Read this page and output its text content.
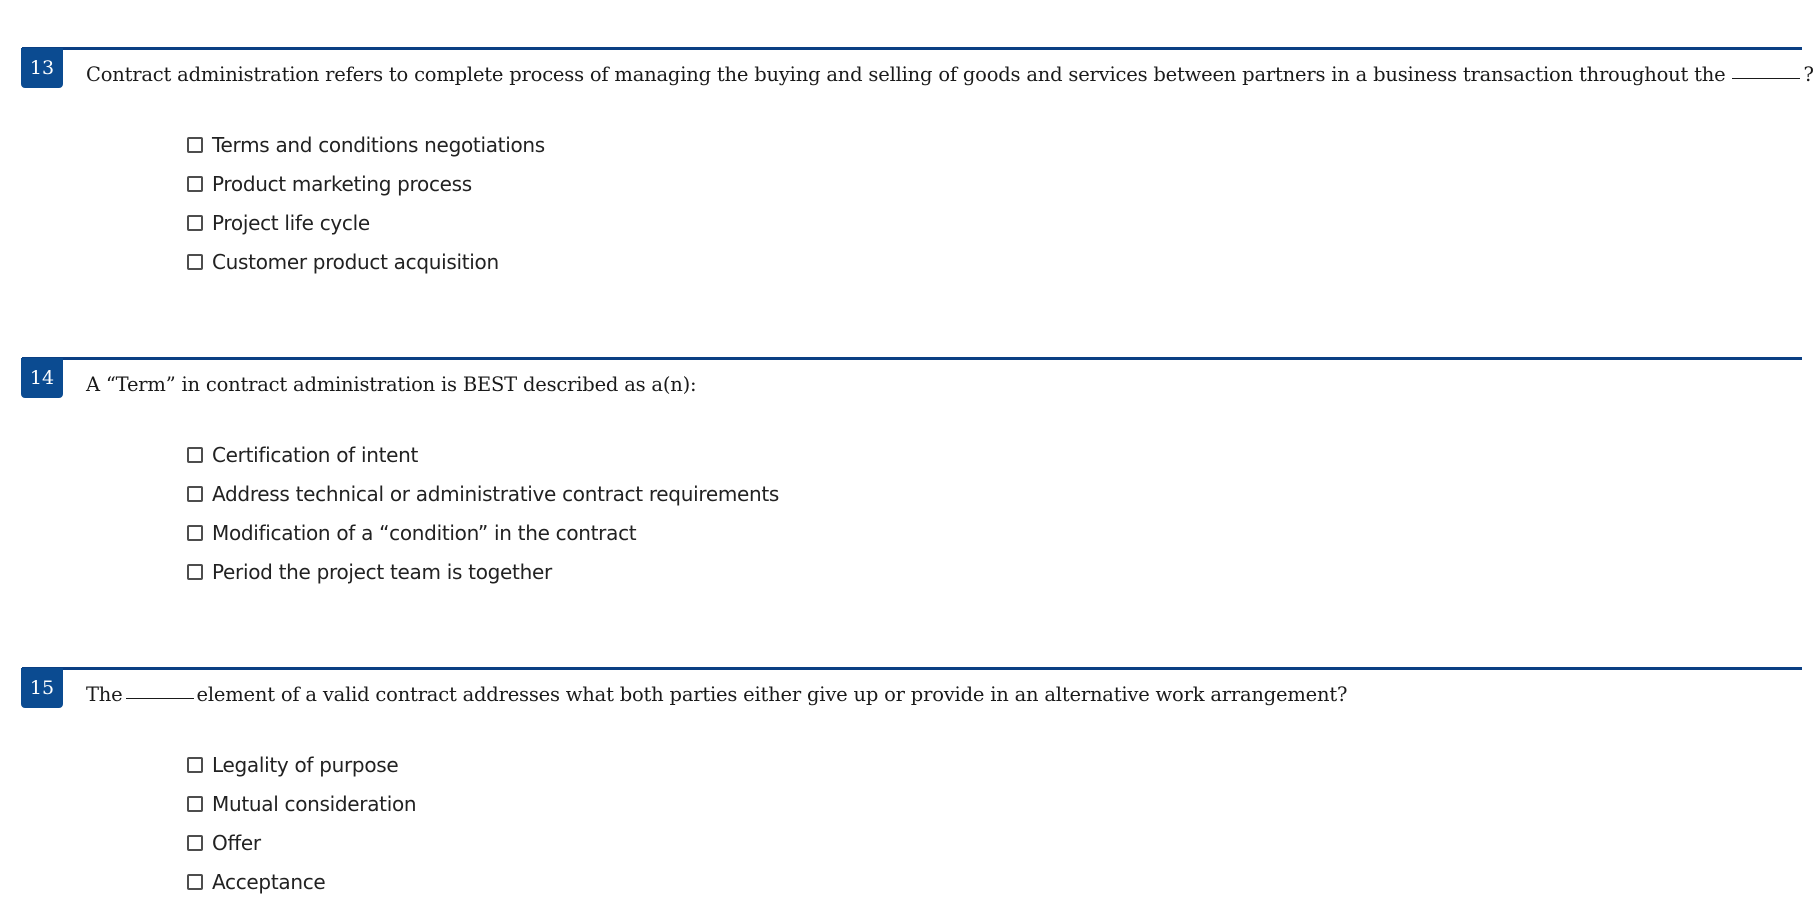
13	Contract administration refers to complete process of managing the buying and selling of goods and services between partners in a business transaction throughout the	?
Terms and conditions negotiations
Product marketing process
Project life cycle
Customer product acquisition
14	A “Term” in contract administration is BEST described as a(n):
Certification of intent
Address technical or administrative contract requirements
Modification of a “condition” in the contract
Period the project team is together
15	The	element of a valid contract addresses what both parties either give up or provide in an alternative work arrangement?
Legality of purpose
Mutual consideration
Offer
Acceptance
